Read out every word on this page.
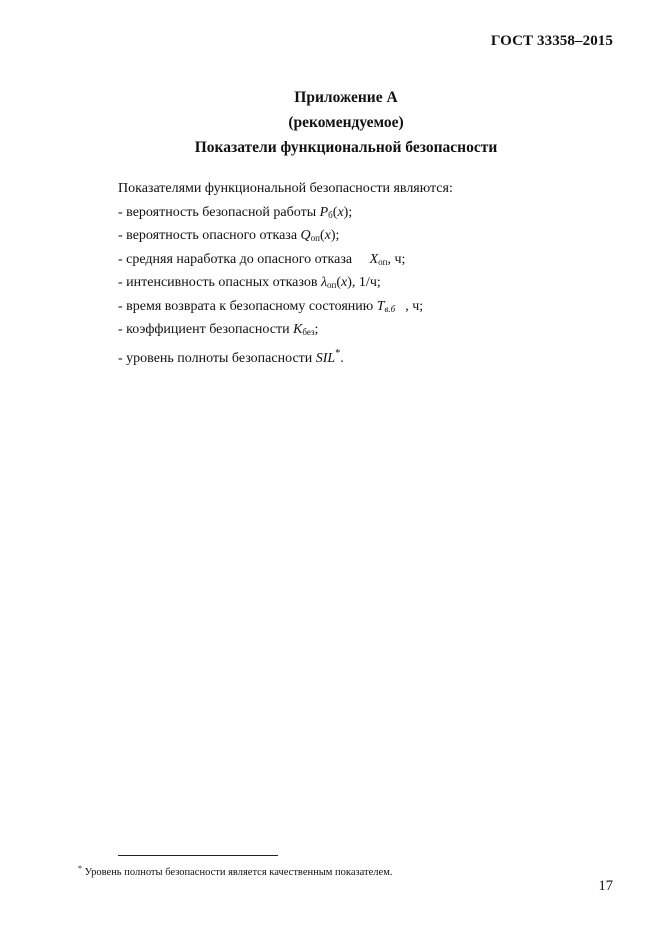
ГОСТ 33358–2015
Приложение А
(рекомендуемое)
Показатели функциональной безопасности
Показателями функциональной безопасности являются:
- вероятность безопасной работы $P_б(x)$;
- вероятность опасного отказа $Q_{оп}(x)$;
- средняя наработка до опасного отказа $X_{оп}$, ч;
- интенсивность опасных отказов $\lambda_{оп}(x)$, 1/ч;
- время возврата к безопасному состоянию Tв.б , ч;
- коэффициент безопасности $K_{без}$;
- уровень полноты безопасности SIL*.
* Уровень полноты безопасности является качественным показателем.
17
